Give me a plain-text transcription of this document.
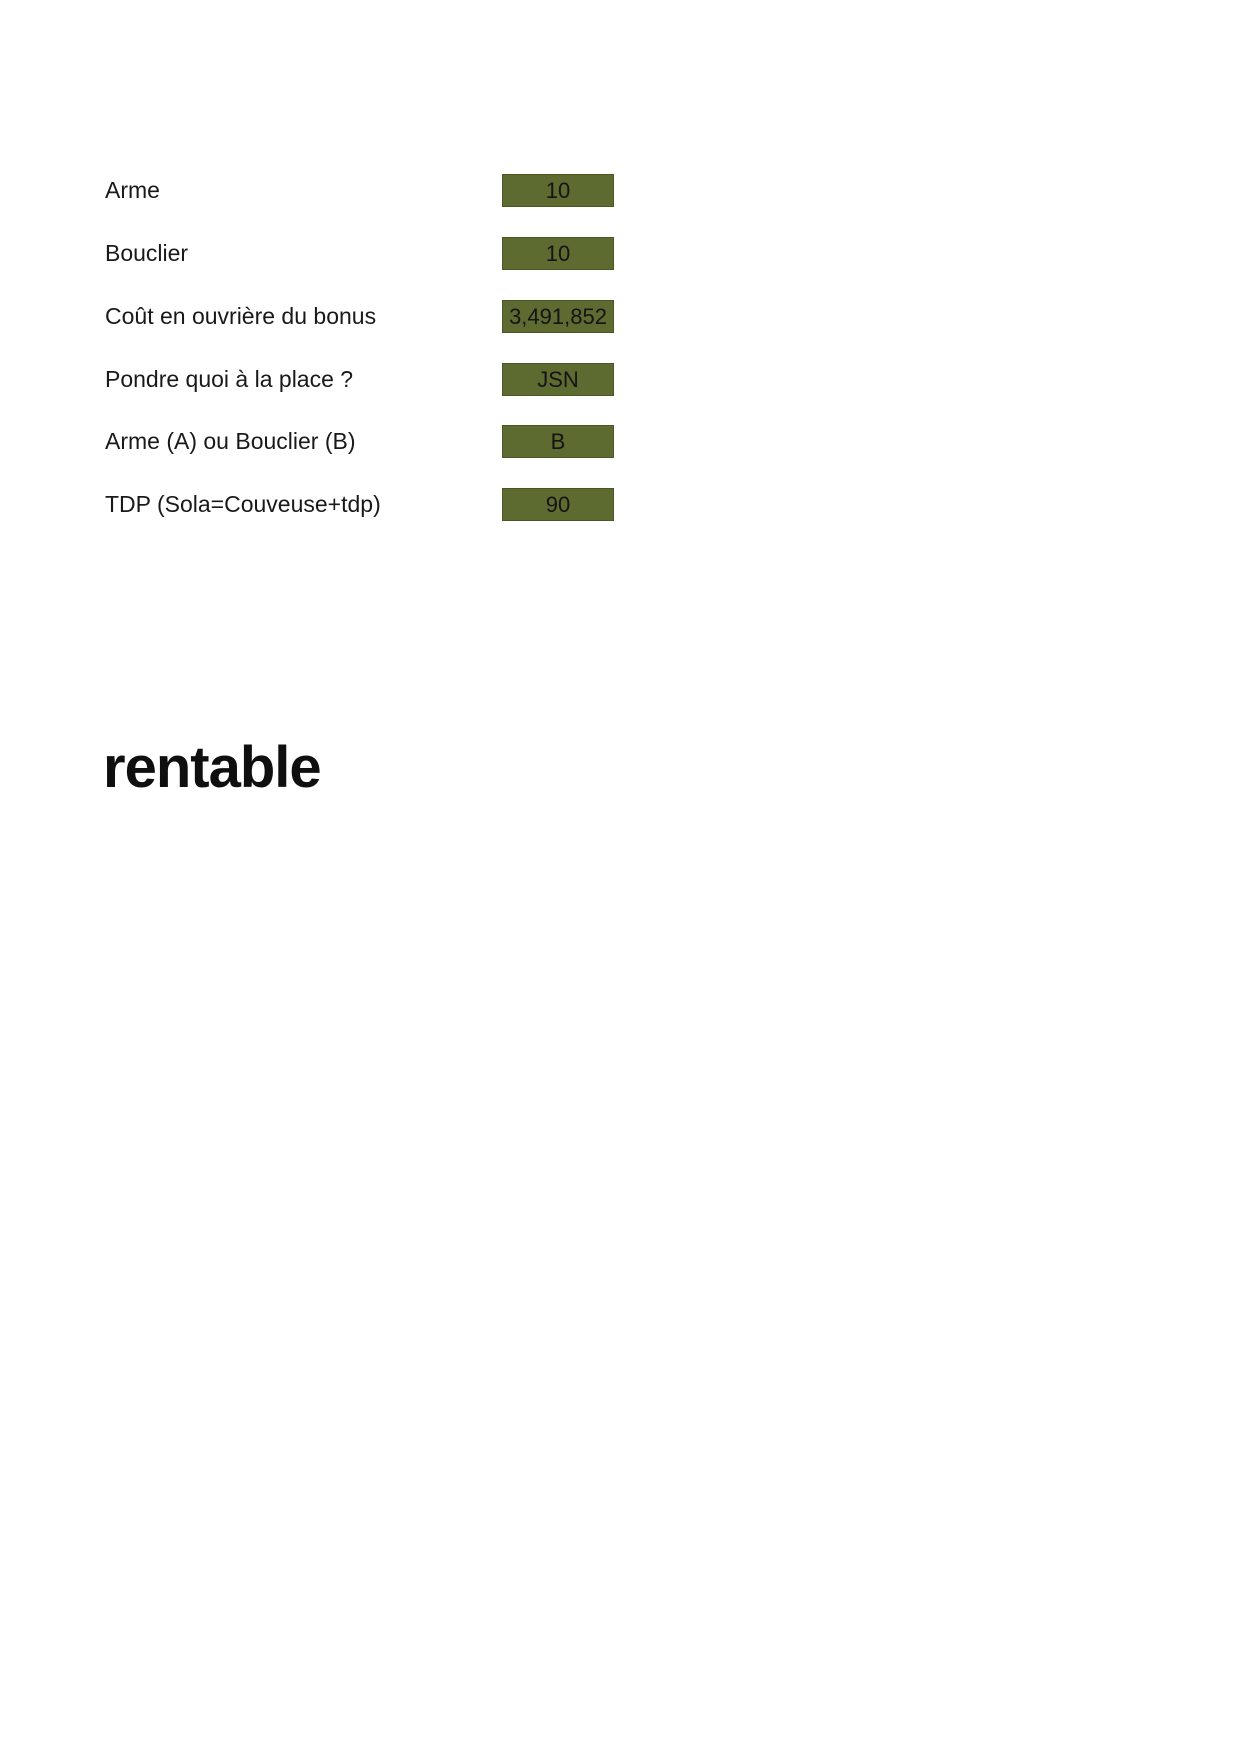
Arme	10
Bouclier	10
Coût en ouvrière du bonus	3,491,852
Pondre quoi à la place ?	JSN
Arme (A) ou Bouclier (B)	B
TDP (Sola=Couveuse+tdp)	90
rentable
